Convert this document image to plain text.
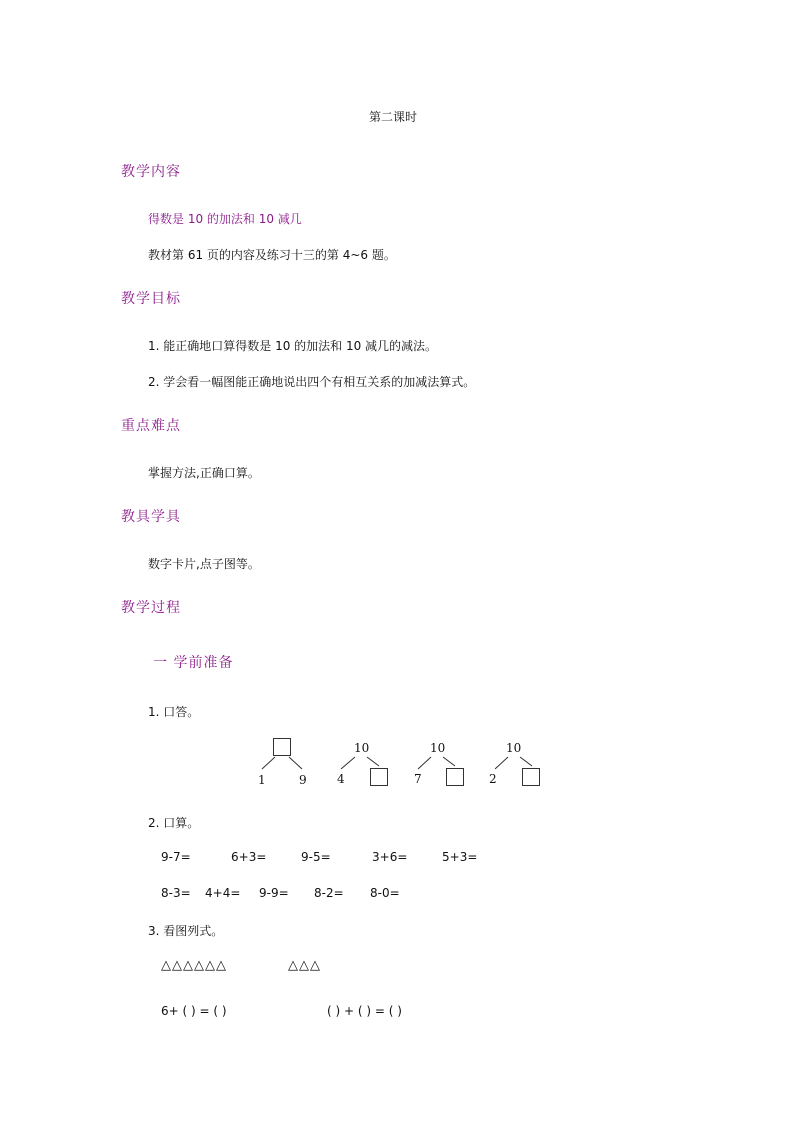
第二课时
教学内容
得数是 10 的加法和 10 减几
教材第 61 页的内容及练习十三的第 4~6 题。
教学目标
1. 能正确地口算得数是 10 的加法和 10 减几的减法。
2. 学会看一幅图能正确地说出四个有相互关系的加减法算式。
重点难点
掌握方法,正确口算。
教具学具
数字卡片,点子图等。
教学过程
一 学前准备
1. 口答。
1	9
10
4
10
7
10
2
2. 口算。
9-7=	6+3=	9-5=	3+6=	5+3=
8-3= 4+4= 9-9= 8-2= 8-0=
3. 看图列式。
△△△△△△	△△△
6+ ( ) = ( )	( ) + ( ) = ( )
